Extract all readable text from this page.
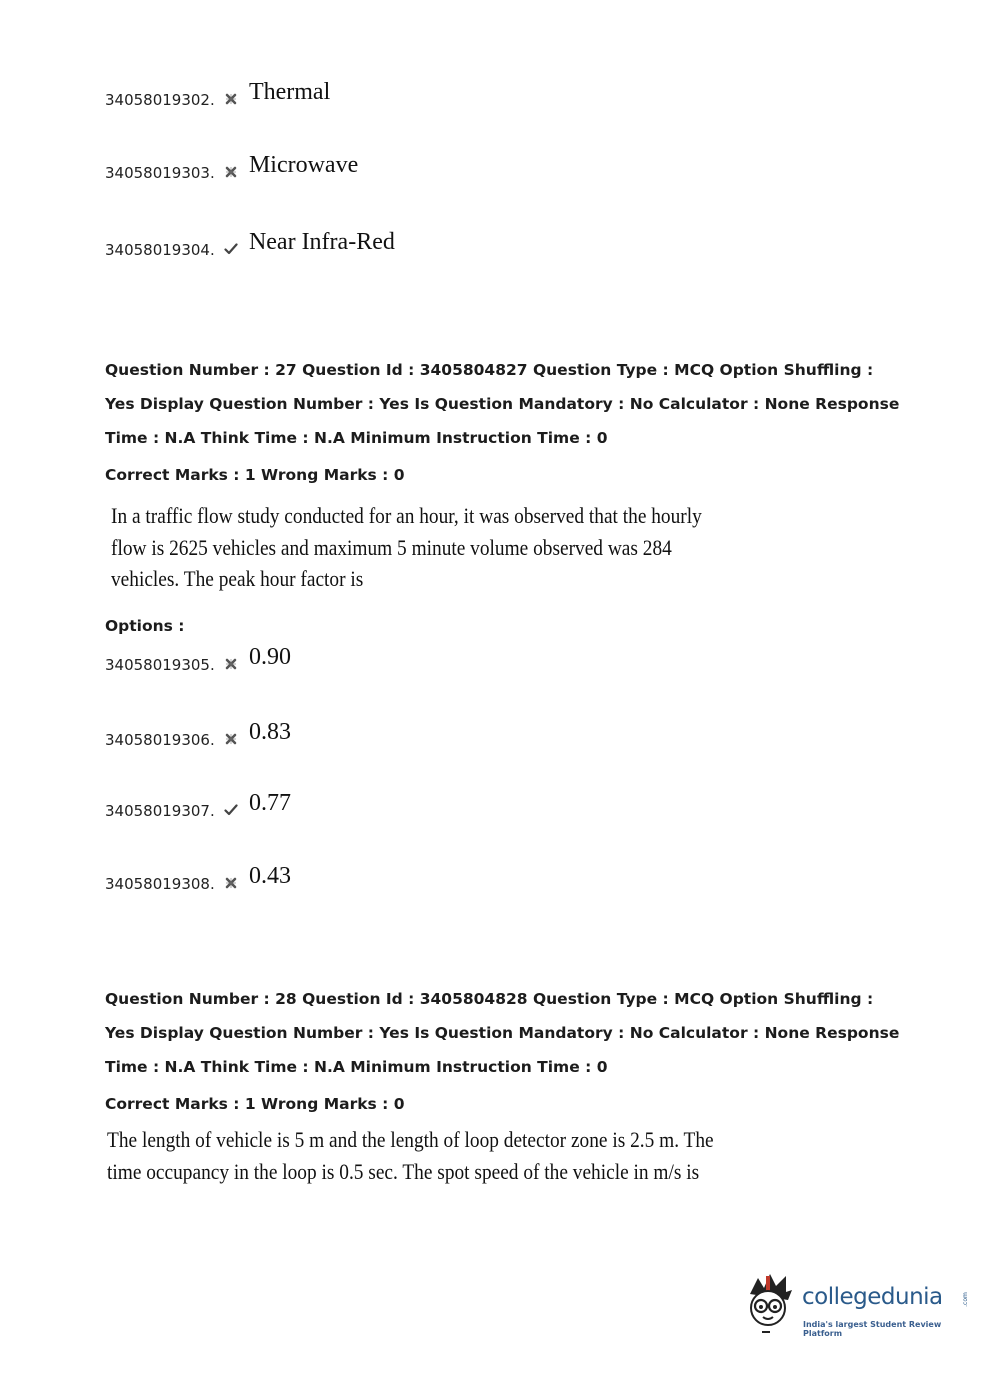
34058019302. Thermal
34058019303. Microwave
34058019304. Near Infra-Red

Question Number : 27 Question Id : 3405804827 Question Type : MCQ Option Shuffling : Yes Display Question Number : Yes Is Question Mandatory : No Calculator : None Response Time : N.A Think Time : N.A Minimum Instruction Time : 0

Correct Marks : 1 Wrong Marks : 0

In a traffic flow study conducted for an hour, it was observed that the hourly flow is 2625 vehicles and maximum 5 minute volume observed was 284 vehicles. The peak hour factor is

Options :
34058019305. 0.90
34058019306. 0.83
34058019307. 0.77
34058019308. 0.43

Question Number : 28 Question Id : 3405804828 Question Type : MCQ Option Shuffling : Yes Display Question Number : Yes Is Question Mandatory : No Calculator : None Response Time : N.A Think Time : N.A Minimum Instruction Time : 0

Correct Marks : 1 Wrong Marks : 0

The length of vehicle is 5 m and the length of loop detector zone is 2.5 m. The time occupancy in the loop is 0.5 sec. The spot speed of the vehicle in m/s is

collegedunia	.com
India's largest Student Review Platform
